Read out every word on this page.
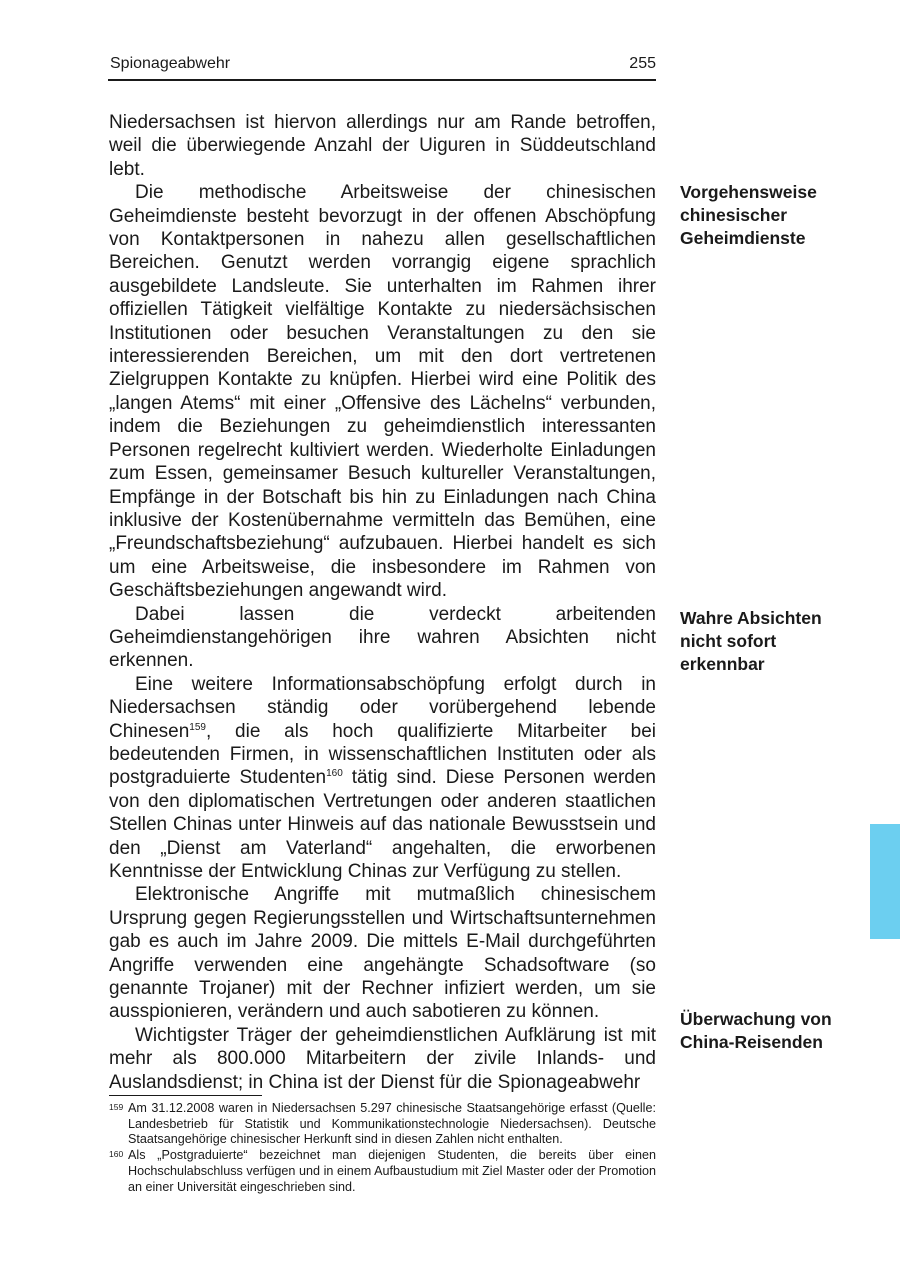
Spionageabwehr	255

Niedersachsen ist hiervon allerdings nur am Rande betroffen, weil die überwiegende Anzahl der Uiguren in Süddeutschland lebt.

Die methodische Arbeitsweise der chinesischen Geheimdienste besteht bevorzugt in der offenen Abschöpfung von Kontaktpersonen in nahezu allen gesellschaftlichen Bereichen. Genutzt werden vorrangig eigene sprachlich ausgebildete Landsleute. Sie unterhalten im Rahmen ihrer offiziellen Tätigkeit vielfältige Kontakte zu niedersächsischen Institutionen oder besuchen Veranstaltungen zu den sie interessierenden Bereichen, um mit den dort vertretenen Zielgruppen Kontakte zu knüpfen. Hierbei wird eine Politik des „langen Atems“ mit einer „Offensive des Lächelns“ verbunden, indem die Beziehungen zu geheimdienstlich interessanten Personen regelrecht kultiviert werden. Wiederholte Einladungen zum Essen, gemeinsamer Besuch kultureller Veranstaltungen, Empfänge in der Botschaft bis hin zu Einladungen nach China inklusive der Kostenübernahme vermitteln das Bemühen, eine „Freundschaftsbeziehung“ aufzubauen. Hierbei handelt es sich um eine Arbeitsweise, die insbesondere im Rahmen von Geschäftsbeziehungen angewandt wird.

Dabei lassen die verdeckt arbeitenden Geheimdienstangehörigen ihre wahren Absichten nicht erkennen.

Eine weitere Informationsabschöpfung erfolgt durch in Niedersachsen ständig oder vorübergehend lebende Chinesen$^{159}$, die als hoch qualifizierte Mitarbeiter bei bedeutenden Firmen, in wissenschaftlichen Instituten oder als postgraduierte Studenten$^{160}$ tätig sind. Diese Personen werden von den diplomatischen Vertretungen oder anderen staatlichen Stellen Chinas unter Hinweis auf das nationale Bewusstsein und den „Dienst am Vaterland“ angehalten, die erworbenen Kenntnisse der Entwicklung Chinas zur Verfügung zu stellen.

Elektronische Angriffe mit mutmaßlich chinesischem Ursprung gegen Regierungsstellen und Wirtschaftsunternehmen gab es auch im Jahre 2009. Die mittels E-Mail durchgeführten Angriffe verwenden eine angehängte Schadsoftware (so genannte Trojaner) mit der Rechner infiziert werden, um sie ausspionieren, verändern und auch sabotieren zu können.

Wichtigster Träger der geheimdienstlichen Aufklärung ist mit mehr als 800.000 Mitarbeitern der zivile Inlands- und Auslandsdienst; in China ist der Dienst für die Spionageabwehr

Vorgehensweise
chinesischer
Geheimdienste
Wahre Absichten
nicht sofort
erkennbar
Überwachung von
China-Reisenden
159 Am 31.12.2008 waren in Niedersachsen 5.297 chinesische Staatsangehörige erfasst (Quelle: Landesbetrieb für Statistik und Kommunikationstechnologie Niedersachsen). Deutsche Staatsangehörige chinesischer Herkunft sind in diesen Zahlen nicht enthalten.
160 Als „Postgraduierte“ bezeichnet man diejenigen Studenten, die bereits über einen Hochschulabschluss verfügen und in einem Aufbaustudium mit Ziel Master oder der Promotion an einer Universität eingeschrieben sind.
